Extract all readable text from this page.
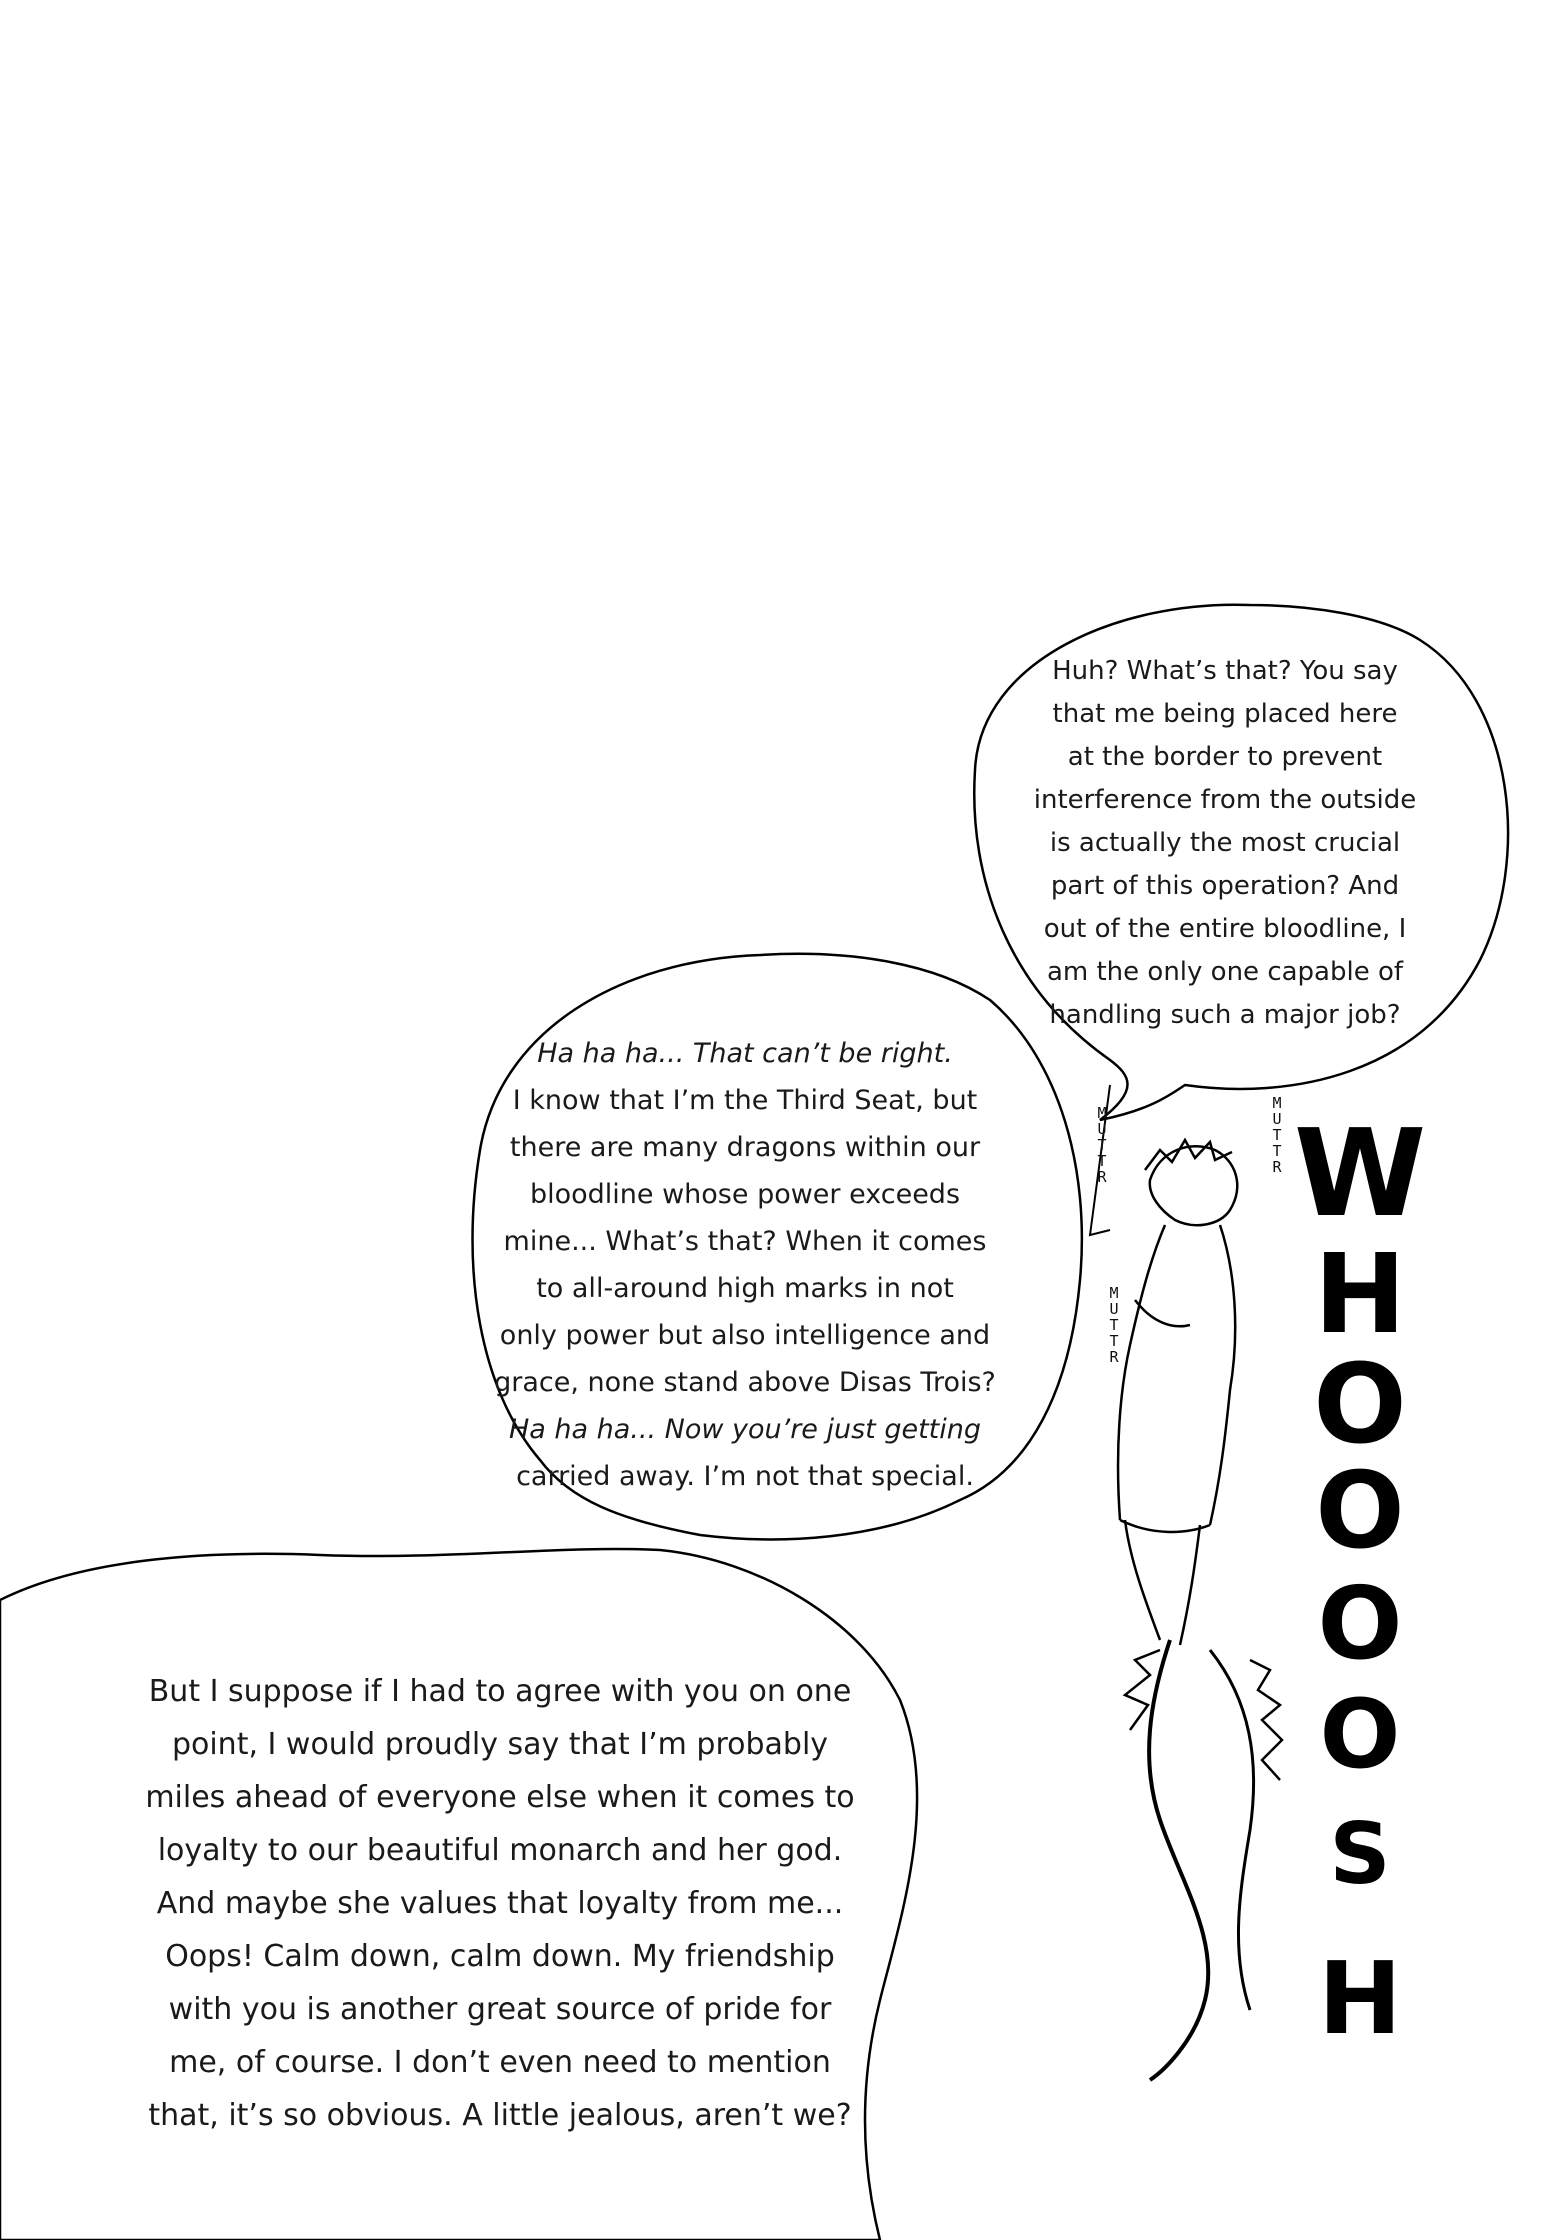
Huh? What’s that? You say
that me being placed here
at the border to prevent
interference from the outside
is actually the most crucial
part of this operation? And
out of the entire bloodline, I
am the only one capable of
handling such a major job?
Ha ha ha... That can’t be right.
I know that I’m the Third Seat, but
there are many dragons within our
bloodline whose power exceeds
mine... What’s that? When it comes
to all-around high marks in not
only power but also intelligence and
grace, none stand above Disas Trois?
Ha ha ha... Now you’re just getting
carried away. I’m not that special.
But I suppose if I had to agree with you on one
point, I would proudly say that I’m probably
miles ahead of everyone else when it comes to
loyalty to our beautiful monarch and her god.
And maybe she values that loyalty from me...
Oops! Calm down, calm down. My friendship
with you is another great source of pride for
me, of course. I don’t even need to mention
that, it’s so obvious. A little jealous, aren’t we?
MUTTR
MUTTR
MUTTR
W
H
O
O
O
O
S
H
